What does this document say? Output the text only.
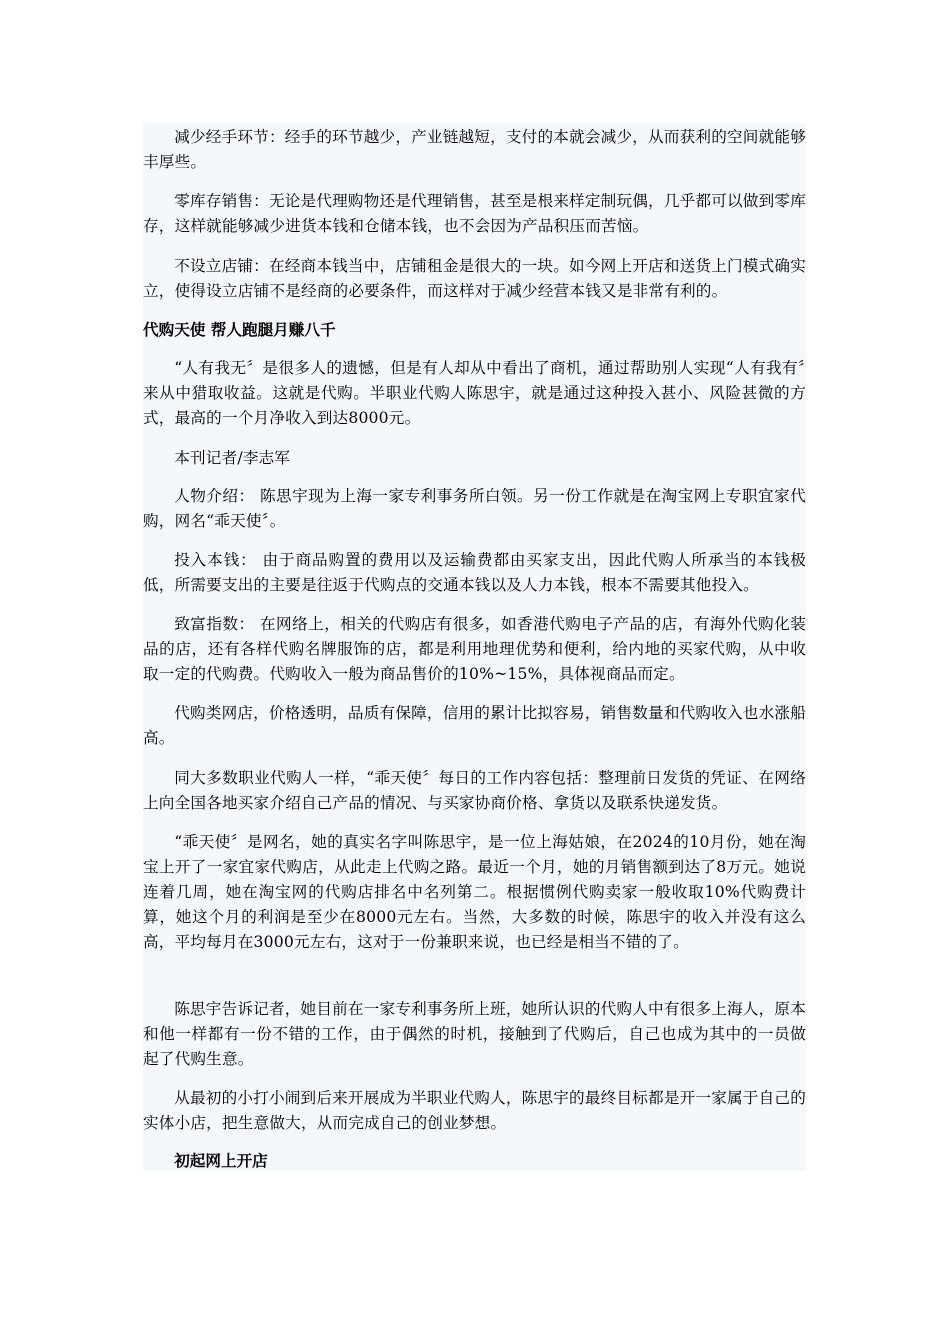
减少经手环节：经手的环节越少，产业链越短，支付的本就会减少，从而获利的空间就能够丰厚些。
零库存销售：无论是代理购物还是代理销售，甚至是根来样定制玩偶，几乎都可以做到零库存，这样就能够减少进货本钱和仓储本钱，也不会因为产品积压而苦恼。
不设立店铺：在经商本钱当中，店铺租金是很大的一块。如今网上开店和送货上门模式确实立，使得设立店铺不是经商的必要条件，而这样对于减少经营本钱又是非常有利的。
代购天使 帮人跑腿月赚八千
“人有我无〞是很多人的遗憾，但是有人却从中看出了商机，通过帮助别人实现“人有我有〞来从中猎取收益。这就是代购。半职业代购人陈思宇，就是通过这种投入甚小、风险甚微的方式，最高的一个月净收入到达8000元。
本刊记者/李志军
人物介绍： 陈思宇现为上海一家专利事务所白领。另一份工作就是在淘宝网上专职宜家代购，网名“乖天使〞。
投入本钱： 由于商品购置的费用以及运输费都由买家支出，因此代购人所承当的本钱极低，所需要支出的主要是往返于代购点的交通本钱以及人力本钱，根本不需要其他投入。
致富指数： 在网络上，相关的代购店有很多，如香港代购电子产品的店，有海外代购化装品的店，还有各样代购名牌服饰的店，都是利用地理优势和便利，给内地的买家代购，从中收取一定的代购费。代购收入一般为商品售价的10%~15%，具体视商品而定。
代购类网店，价格透明，品质有保障，信用的累计比拟容易，销售数量和代购收入也水涨船高。
同大多数职业代购人一样，“乖天使〞每日的工作内容包括：整理前日发货的凭证、在网络上向全国各地买家介绍自己产品的情况、与买家协商价格、拿货以及联系快递发货。
“乖天使〞是网名，她的真实名字叫陈思宇，是一位上海姑娘，在2024的10月份，她在淘宝上开了一家宜家代购店，从此走上代购之路。最近一个月，她的月销售额到达了8万元。她说连着几周，她在淘宝网的代购店排名中名列第二。根据惯例代购卖家一般收取10%代购费计算，她这个月的利润是至少在8000元左右。当然，大多数的时候，陈思宇的收入并没有这么高，平均每月在3000元左右，这对于一份兼职来说，也已经是相当不错的了。
陈思宇告诉记者，她目前在一家专利事务所上班，她所认识的代购人中有很多上海人，原本和他一样都有一份不错的工作，由于偶然的时机，接触到了代购后，自己也成为其中的一员做起了代购生意。
从最初的小打小闹到后来开展成为半职业代购人，陈思宇的最终目标都是开一家属于自己的实体小店，把生意做大，从而完成自己的创业梦想。
初起网上开店
